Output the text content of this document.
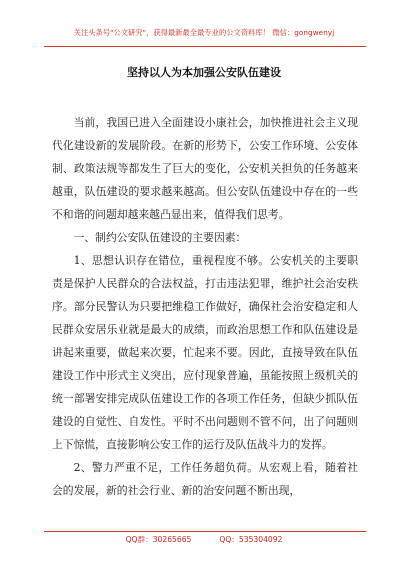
关注头条号"公文研究"，获得最新最全最专业的公文资料库！ 微信：gongwenyj
坚持以人为本加强公安队伍建设

当前，我国已进入全面建设小康社会，加快推进社会主义现代化建设新的发展阶段。在新的形势下，公安工作环境、公安体制、政策法规等都发生了巨大的变化，公安机关担负的任务越来越重，队伍建设的要求越来越高。但公安队伍建设中存在的一些不和谐的问题却越来越凸显出来，值得我们思考。

一、制约公安队伍建设的主要因素：

1、思想认识存在错位，重视程度不够。公安机关的主要职责是保护人民群众的合法权益，打击违法犯罪，维护社会治安秩序。部分民警认为只要把维稳工作做好，确保社会治安稳定和人民群众安居乐业就是最大的成绩，而政治思想工作和队伍建设是讲起来重要，做起来次要，忙起来不要。因此，直接导致在队伍建设工作中形式主义突出，应付现象普遍，虽能按照上级机关的统一部署安排完成队伍建设工作的各项工作任务，但缺少抓队伍建设的自觉性、自发性。平时不出问题则不管不问，出了问题则上下惊慌，直接影响公安工作的运行及队伍战斗力的发挥。

2、警力严重不足，工作任务超负荷。从宏观上看，随着社会的发展，新的社会行业、新的治安问题不断出现，

QQ群：30265665	QQ：535304092
